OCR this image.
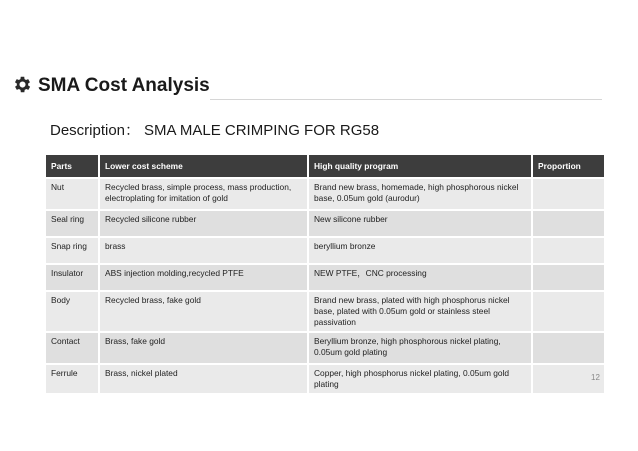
SMA Cost Analysis
Description： SMA MALE CRIMPING FOR RG58
Parts	Lower cost scheme	High quality program	Proportion
Nut	Recycled brass, simple process, mass production, electroplating for imitation of gold	Brand new brass, homemade, high phosphorous nickel base, 0.05um gold (aurodur)	
Seal ring	Recycled silicone rubber	New silicone rubber	
Snap ring	brass	beryllium bronze	
Insulator	ABS injection molding,recycled PTFE	NEW PTFE，CNC processing	
Body	Recycled brass, fake gold	Brand new brass, plated with high phosphorus nickel base, plated with 0.05um gold or stainless steel passivation	
Contact	Brass, fake gold	Beryllium bronze, high phosphorous nickel plating, 0.05um gold plating	
Ferrule	Brass, nickel plated	Copper, high phosphorus nickel plating, 0.05um gold plating	
12
